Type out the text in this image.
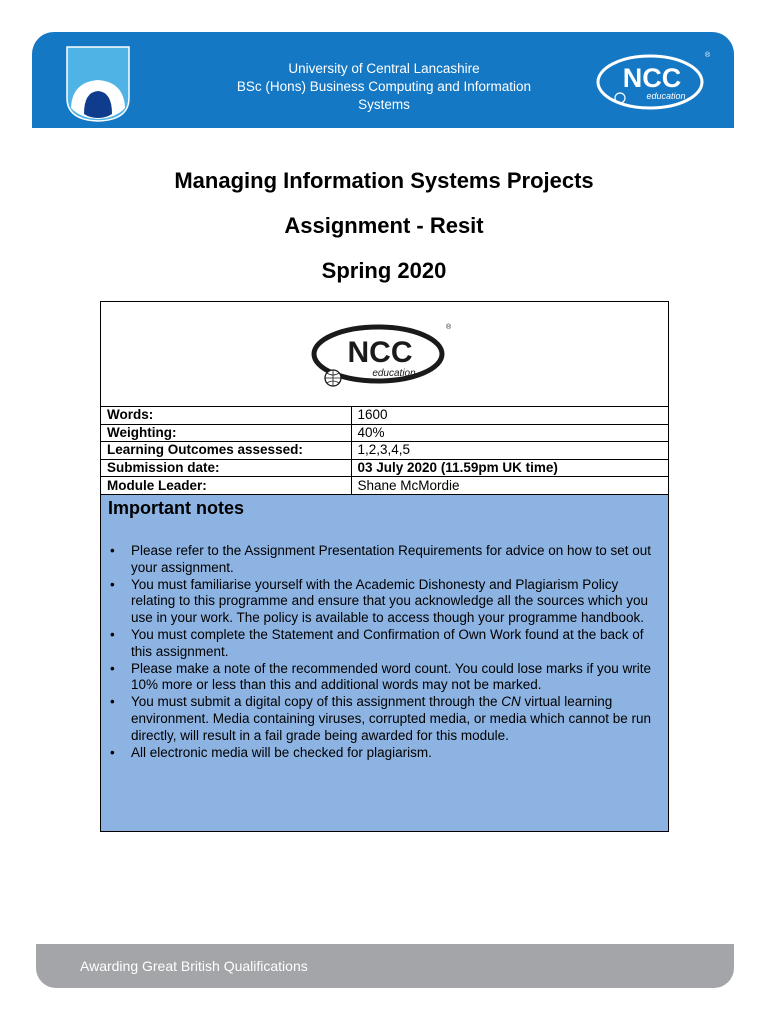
University of Central Lancashire
BSc (Hons) Business Computing and Information
Systems
NCC
education
®
Managing Information Systems Projects
Assignment - Resit
Spring 2020
NCC
education
®
Words:	1600
Weighting:	40%
Learning Outcomes assessed:	1,2,3,4,5
Submission date:	03 July 2020 (11.59pm UK time)
Module Leader:	Shane McMordie
Important notes
• Please refer to the Assignment Presentation Requirements for advice on how to set out your assignment.
• You must familiarise yourself with the Academic Dishonesty and Plagiarism Policy relating to this programme and ensure that you acknowledge all the sources which you use in your work. The policy is available to access though your programme handbook.
• You must complete the Statement and Confirmation of Own Work found at the back of this assignment.
• Please make a note of the recommended word count. You could lose marks if you write 10% more or less than this and additional words may not be marked.
• You must submit a digital copy of this assignment through the CN virtual learning environment. Media containing viruses, corrupted media, or media which cannot be run directly, will result in a fail grade being awarded for this module.
• All electronic media will be checked for plagiarism.
Awarding Great British Qualifications
